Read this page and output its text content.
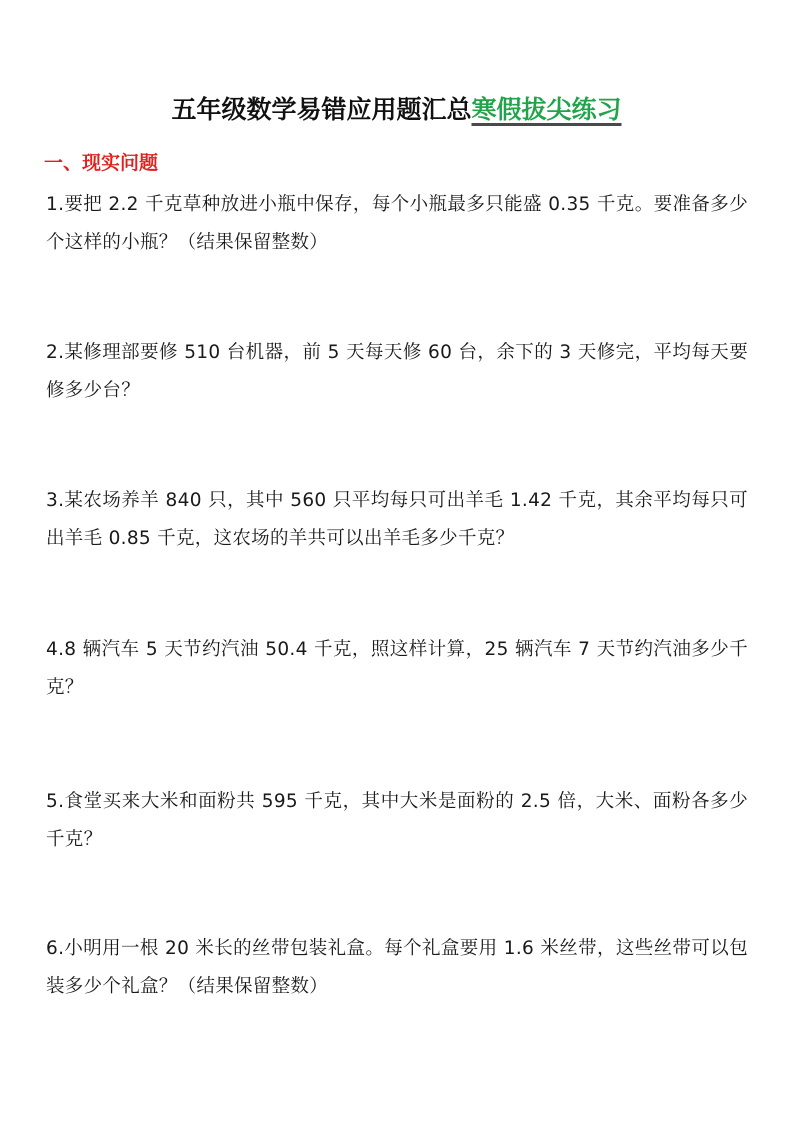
五年级数学易错应用题汇总寒假拔尖练习
一、现实问题
1.要把 2.2 千克草种放进小瓶中保存，每个小瓶最多只能盛 0.35 千克。要准备多少个这样的小瓶？（结果保留整数）
2.某修理部要修 510 台机器，前 5 天每天修 60 台，余下的 3 天修完，平均每天要修多少台？
3.某农场养羊 840 只，其中 560 只平均每只可出羊毛 1.42 千克，其余平均每只可出羊毛 0.85 千克，这农场的羊共可以出羊毛多少千克？
4.8 辆汽车 5 天节约汽油 50.4 千克，照这样计算，25 辆汽车 7 天节约汽油多少千克？
5.食堂买来大米和面粉共 595 千克，其中大米是面粉的 2.5 倍，大米、面粉各多少千克？
6.小明用一根 20 米长的丝带包装礼盒。每个礼盒要用 1.6 米丝带，这些丝带可以包装多少个礼盒？（结果保留整数）
